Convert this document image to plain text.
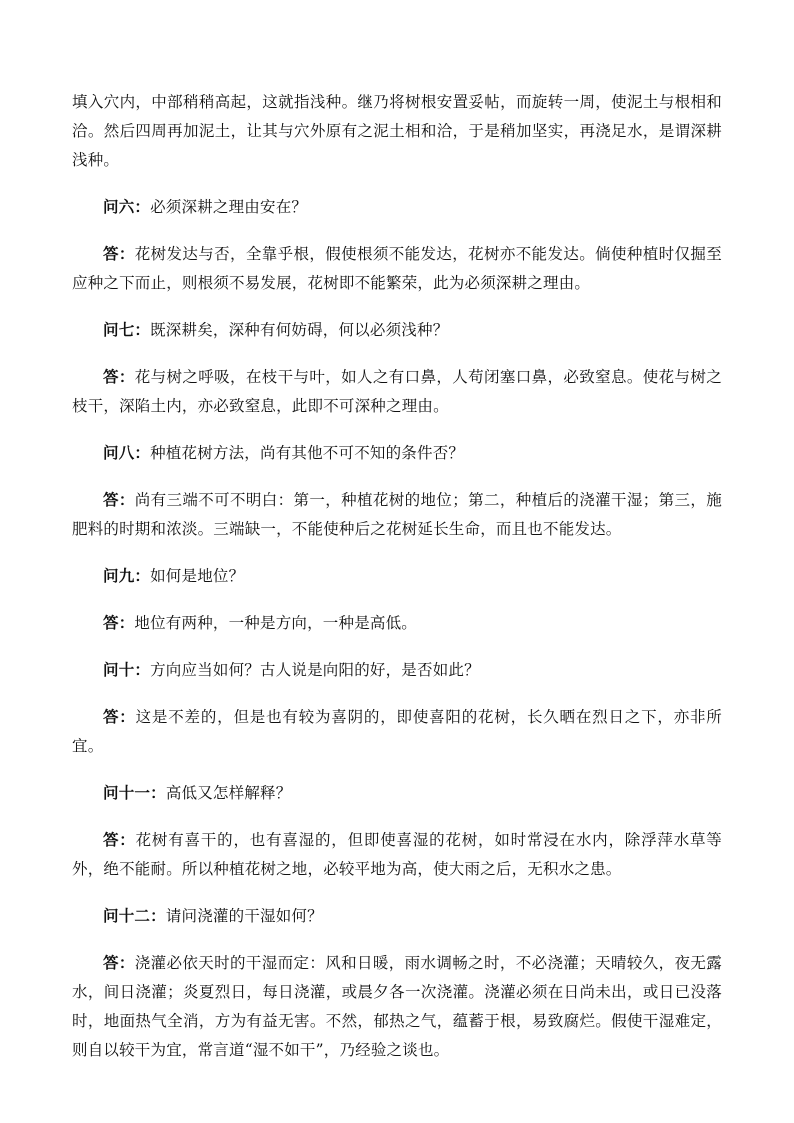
填入穴内，中部稍稍高起，这就指浅种。继乃将树根安置妥帖，而旋转一周，使泥土与根相和洽。然后四周再加泥土，让其与穴外原有之泥土相和洽，于是稍加坚实，再浇足水，是谓深耕浅种。

问六：必须深耕之理由安在？

答：花树发达与否，全靠乎根，假使根须不能发达，花树亦不能发达。倘使种植时仅掘至应种之下而止，则根须不易发展，花树即不能繁荣，此为必须深耕之理由。

问七：既深耕矣，深种有何妨碍，何以必须浅种？

答：花与树之呼吸，在枝干与叶，如人之有口鼻，人苟闭塞口鼻，必致窒息。使花与树之枝干，深陷土内，亦必致窒息，此即不可深种之理由。

问八：种植花树方法，尚有其他不可不知的条件否？

答：尚有三端不可不明白：第一，种植花树的地位；第二，种植后的浇灌干湿；第三，施肥料的时期和浓淡。三端缺一，不能使种后之花树延长生命，而且也不能发达。

问九：如何是地位？

答：地位有两种，一种是方向，一种是高低。

问十：方向应当如何？古人说是向阳的好，是否如此？

答：这是不差的，但是也有较为喜阴的，即使喜阳的花树，长久晒在烈日之下，亦非所宜。

问十一：高低又怎样解释？

答：花树有喜干的，也有喜湿的，但即使喜湿的花树，如时常浸在水内，除浮萍水草等外，绝不能耐。所以种植花树之地，必较平地为高，使大雨之后，无积水之患。

问十二：请问浇灌的干湿如何？

答：浇灌必依天时的干湿而定：风和日暖，雨水调畅之时，不必浇灌；天晴较久，夜无露水，间日浇灌；炎夏烈日，每日浇灌，或晨夕各一次浇灌。浇灌必须在日尚未出，或日已没落时，地面热气全消，方为有益无害。不然，郁热之气，蕴蓄于根，易致腐烂。假使干湿难定，则自以较干为宜，常言道“湿不如干”，乃经验之谈也。
